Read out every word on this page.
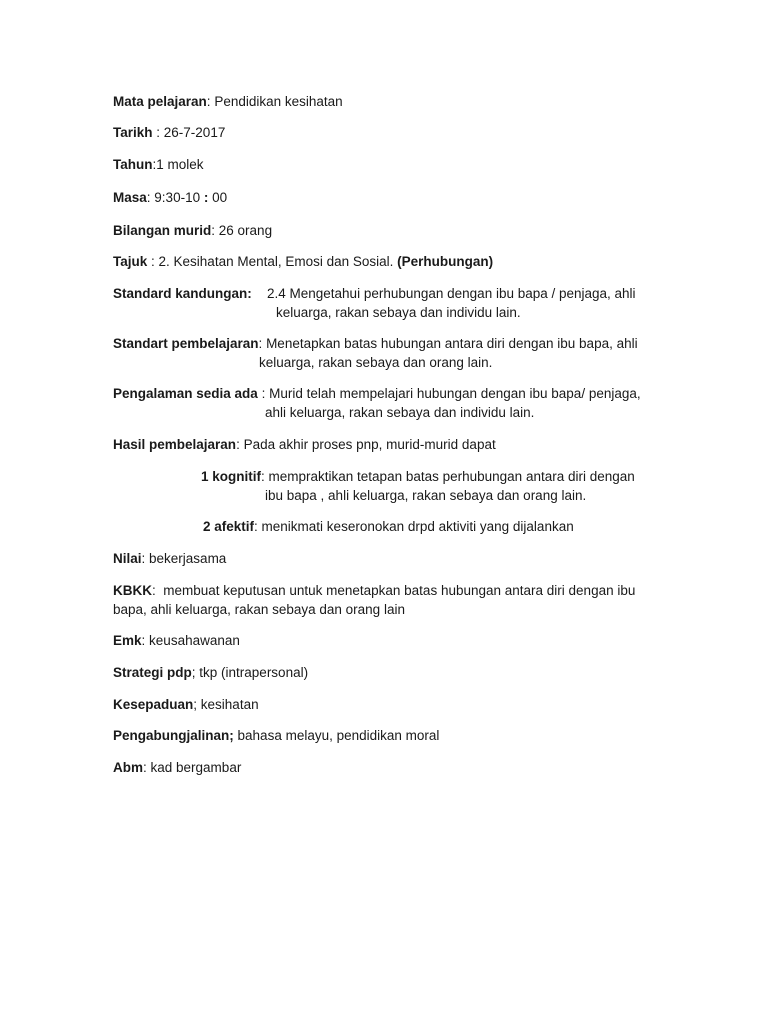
Mata pelajaran: Pendidikan kesihatan
Tarikh : 26-7-2017
Tahun:1 molek
Masa: 9:30-10 : 00
Bilangan murid: 26 orang
Tajuk : 2. Kesihatan Mental, Emosi dan Sosial. (Perhubungan)
Standard kandungan: 2.4 Mengetahui perhubungan dengan ibu bapa / penjaga, ahli
keluarga, rakan sebaya dan individu lain.
Standart pembelajaran: Menetapkan batas hubungan antara diri dengan ibu bapa, ahli
keluarga, rakan sebaya dan orang lain.
Pengalaman sedia ada : Murid telah mempelajari hubungan dengan ibu bapa/ penjaga,
ahli keluarga, rakan sebaya dan individu lain.
Hasil pembelajaran: Pada akhir proses pnp, murid-murid dapat
1 kognitif: mempraktikan tetapan batas perhubungan antara diri dengan
ibu bapa , ahli keluarga, rakan sebaya dan orang lain.
2 afektif: menikmati keseronokan drpd aktiviti yang dijalankan
Nilai: bekerjasama
KBKK:  membuat keputusan untuk menetapkan batas hubungan antara diri dengan ibu
bapa, ahli keluarga, rakan sebaya dan orang lain
Emk: keusahawanan
Strategi pdp; tkp (intrapersonal)
Kesepaduan; kesihatan
Pengabungjalinan; bahasa melayu, pendidikan moral
Abm: kad bergambar
